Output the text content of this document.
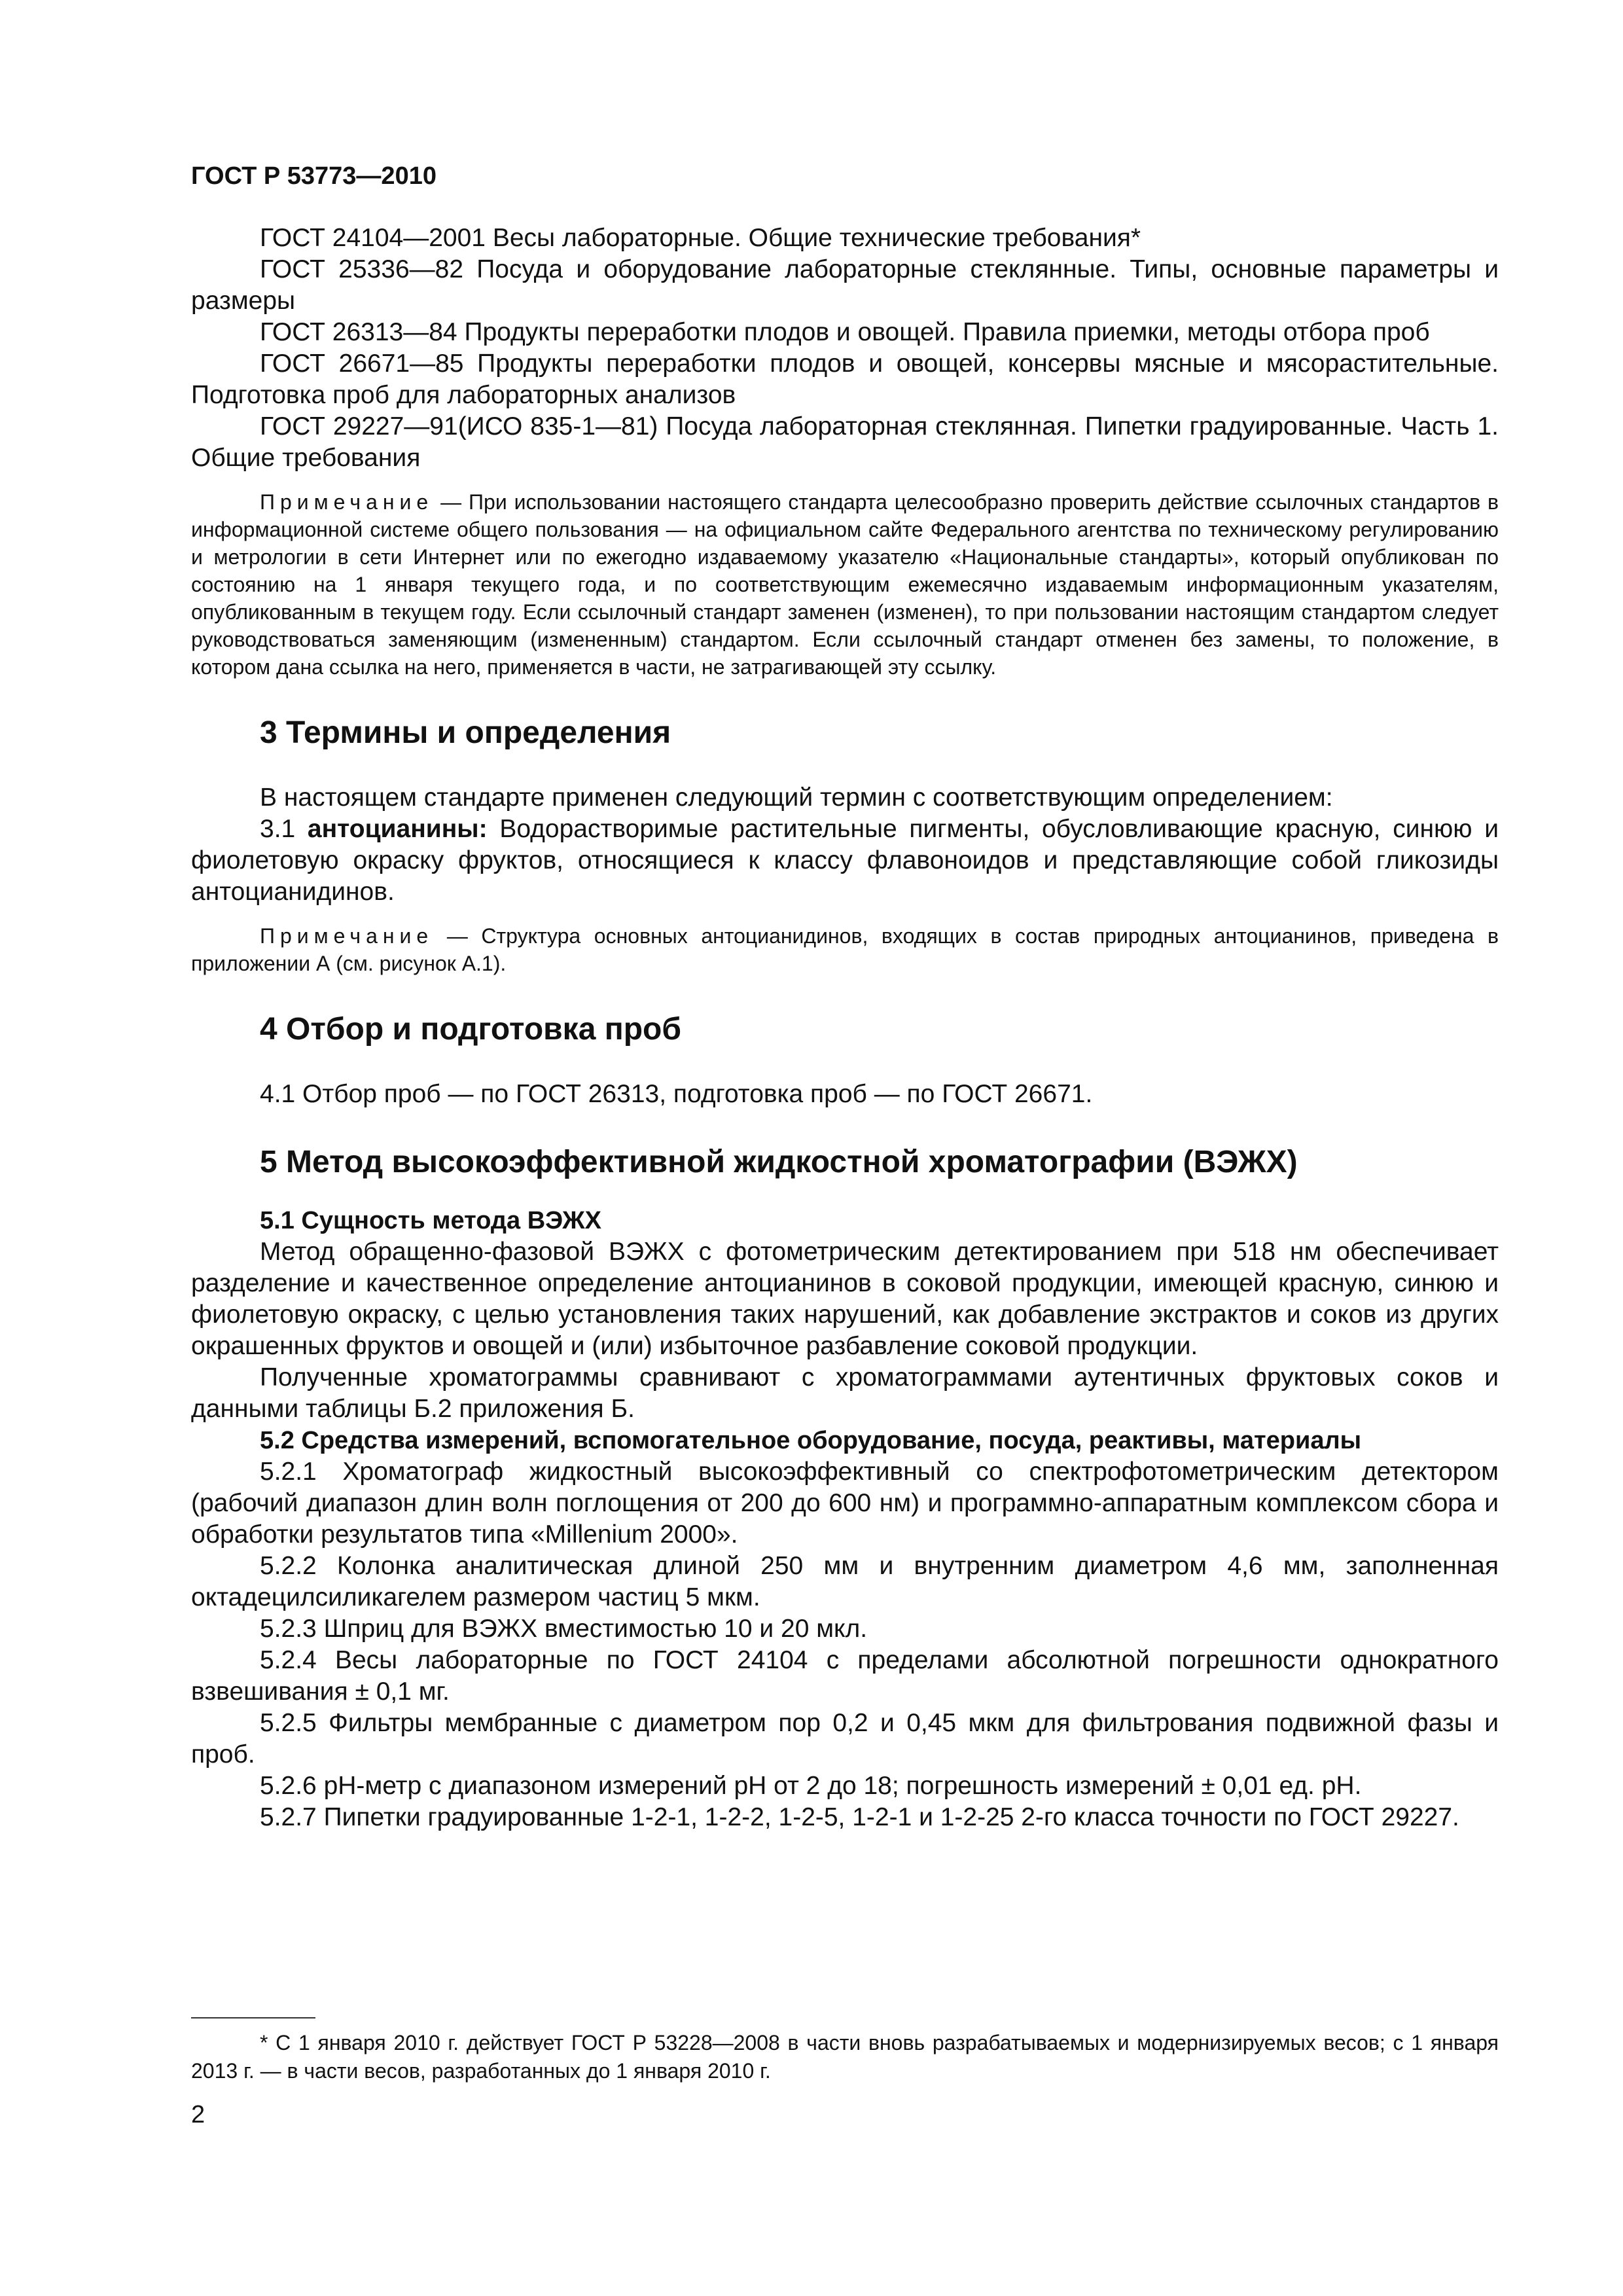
ГОСТ Р 53773—2010

ГОСТ 24104—2001 Весы лабораторные. Общие технические требования*

ГОСТ 25336—82 Посуда и оборудование лабораторные стеклянные. Типы, основные параметры и размеры

ГОСТ 26313—84 Продукты переработки плодов и овощей. Правила приемки, методы отбора проб

ГОСТ 26671—85 Продукты переработки плодов и овощей, консервы мясные и мясорастительные. Подготовка проб для лабораторных анализов

ГОСТ 29227—91(ИСО 835-1—81) Посуда лабораторная стеклянная. Пипетки градуированные. Часть 1. Общие требования

Примечание — При использовании настоящего стандарта целесообразно проверить действие ссылочных стандартов в информационной системе общего пользования — на официальном сайте Федерального агентства по техническому регулированию и метрологии в сети Интернет или по ежегодно издаваемому указателю «Национальные стандарты», который опубликован по состоянию на 1 января текущего года, и по соответствующим ежемесячно издаваемым информационным указателям, опубликованным в текущем году. Если ссылочный стандарт заменен (изменен), то при пользовании настоящим стандартом следует руководствоваться заменяющим (измененным) стандартом. Если ссылочный стандарт отменен без замены, то положение, в котором дана ссылка на него, применяется в части, не затрагивающей эту ссылку.

3 Термины и определения

В настоящем стандарте применен следующий термин с соответствующим определением:

3.1 антоцианины: Водорастворимые растительные пигменты, обусловливающие красную, синюю и фиолетовую окраску фруктов, относящиеся к классу флавоноидов и представляющие собой гликозиды антоцианидинов.

Примечание — Структура основных антоцианидинов, входящих в состав природных антоцианинов, приведена в приложении А (см. рисунок А.1).

4 Отбор и подготовка проб

4.1 Отбор проб — по ГОСТ 26313, подготовка проб — по ГОСТ 26671.

5 Метод высокоэффективной жидкостной хроматографии (ВЭЖХ)

5.1 Сущность метода ВЭЖХ

Метод обращенно-фазовой ВЭЖХ с фотометрическим детектированием при 518 нм обеспечивает разделение и качественное определение антоцианинов в соковой продукции, имеющей красную, синюю и фиолетовую окраску, с целью установления таких нарушений, как добавление экстрактов и соков из других окрашенных фруктов и овощей и (или) избыточное разбавление соковой продукции.

Полученные хроматограммы сравнивают с хроматограммами аутентичных фруктовых соков и данными таблицы Б.2 приложения Б.

5.2 Средства измерений, вспомогательное оборудование, посуда, реактивы, материалы

5.2.1 Хроматограф жидкостный высокоэффективный со спектрофотометрическим детектором (рабочий диапазон длин волн поглощения от 200 до 600 нм) и программно-аппаратным комплексом сбора и обработки результатов типа «Millenium 2000».

5.2.2 Колонка аналитическая длиной 250 мм и внутренним диаметром 4,6 мм, заполненная октадецилсиликагелем размером частиц 5 мкм.

5.2.3 Шприц для ВЭЖХ вместимостью 10 и 20 мкл.

5.2.4 Весы лабораторные по ГОСТ 24104 с пределами абсолютной погрешности однократного взвешивания ± 0,1 мг.

5.2.5 Фильтры мембранные с диаметром пор 0,2 и 0,45 мкм для фильтрования подвижной фазы и проб.

5.2.6 pH-метр с диапазоном измерений pH от 2 до 18; погрешность измерений ± 0,01 ед. pH.

5.2.7 Пипетки градуированные 1-2-1, 1-2-2, 1-2-5, 1-2-1 и 1-2-25 2-го класса точности по ГОСТ 29227.

* С 1 января 2010 г. действует ГОСТ Р 53228—2008 в части вновь разрабатываемых и модернизируемых весов; с 1 января 2013 г. — в части весов, разработанных до 1 января 2010 г.

2
